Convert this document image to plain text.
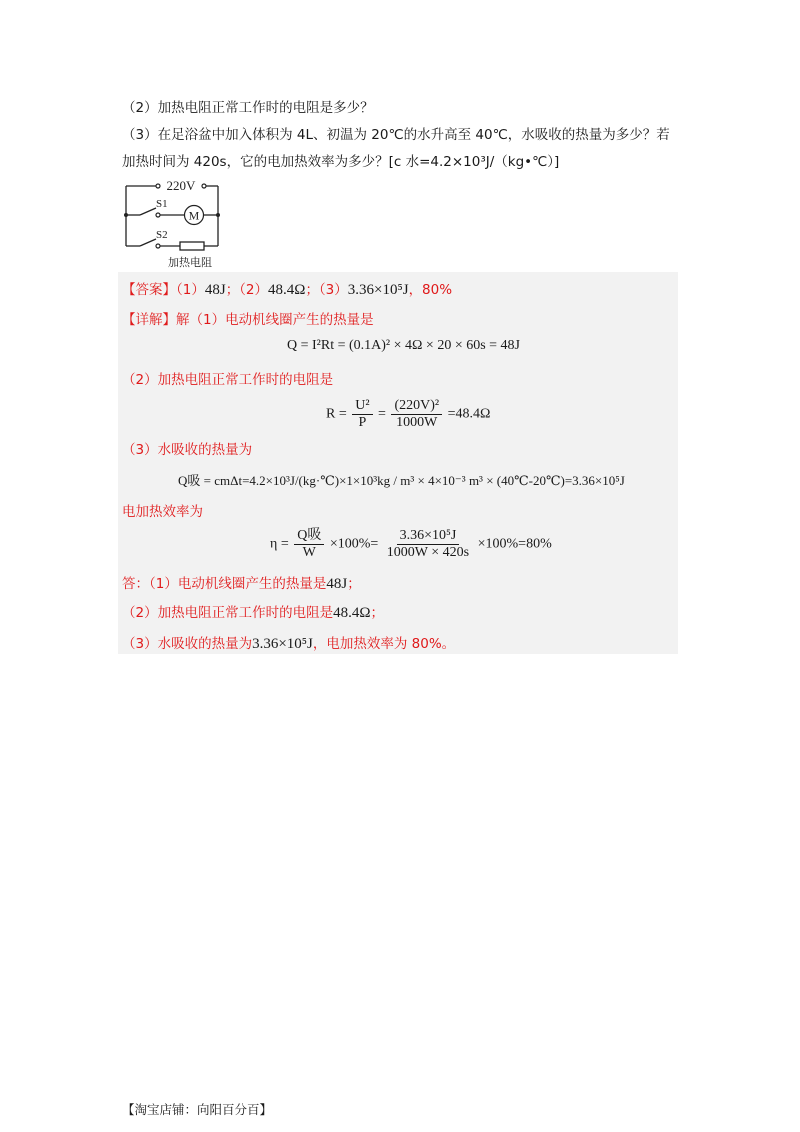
（2）加热电阻正常工作时的电阻是多少？
（3）在足浴盆中加入体积为 4L、初温为 20℃的水升高至 40℃，水吸收的热量为多少？若
加热时间为 420s，它的电加热效率为多少？[c 水=4.2×10³J/（kg•℃）]
220V
S1
S2
M
加热电阻
【答案】（1）48J；（2）48.4Ω；（3）3.36×10⁵J，80%
【详解】解（1）电动机线圈产生的热量是
Q = I²Rt = (0.1A)² × 4Ω × 20 × 60s = 48J
（2）加热电阻正常工作时的电阻是
$R = \frac{\text{U²}}{P} = \frac{\text{(220V)²}}{1000W} =48.4\Omega$
（3）水吸收的热量为
Q吸 = cmΔt=4.2×10³J/(kg·℃)×1×10³kg / m³ × 4×10⁻³ m³ × (40℃-20℃)=3.36×10⁵J
电加热效率为
$\eta = \frac{\text{Q吸}}{W} \times 100\%= \frac{\text{3.36×10⁵J}}{1000W \times 420s} \times 100\%=80\%$
答：（1）电动机线圈产生的热量是48J；
（2）加热电阻正常工作时的电阻是48.4Ω；
（3）水吸收的热量为3.36×10⁵J，电加热效率为 80%。
【淘宝店铺：向阳百分百】
